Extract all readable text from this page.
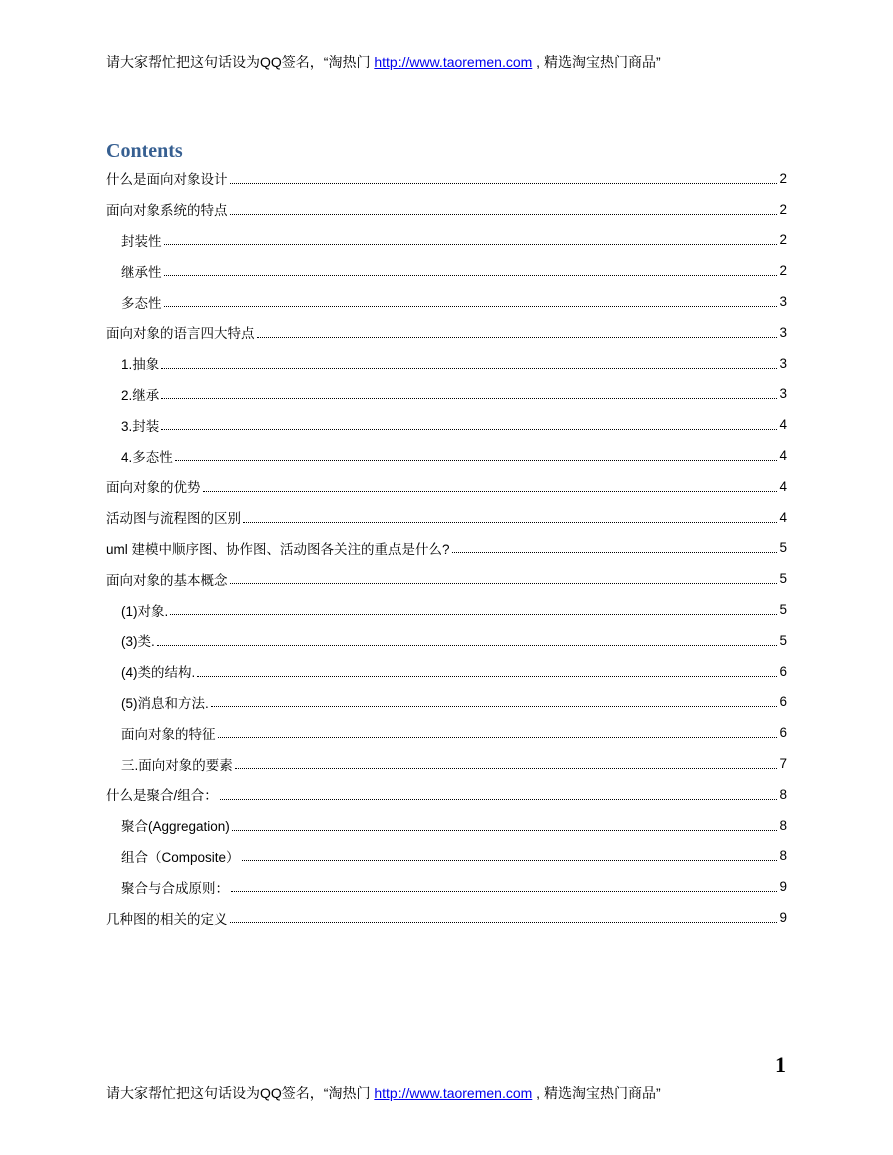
请大家帮忙把这句话设为QQ签名，“淘热门 http://www.taoremen.com , 精选淘宝热门商品”
Contents
什么是面向对象设计	2
面向对象系统的特点	2
封装性	2
继承性	2
多态性	3
面向对象的语言四大特点	3
1.抽象	3
2.继承	3
3.封装	4
4.多态性	4
面向对象的优势	4
活动图与流程图的区别	4
uml 建模中顺序图、协作图、活动图各关注的重点是什么?	5
面向对象的基本概念	5
(1)对象.	5
(3)类.	5
(4)类的结构.	6
(5)消息和方法.	6
面向对象的特征	6
三.面向对象的要素	7
什么是聚合/组合：	8
聚合(Aggregation)	8
组合（Composite）	8
聚合与合成原则：	9
几种图的相关的定义	9
1
请大家帮忙把这句话设为QQ签名，“淘热门 http://www.taoremen.com , 精选淘宝热门商品”
